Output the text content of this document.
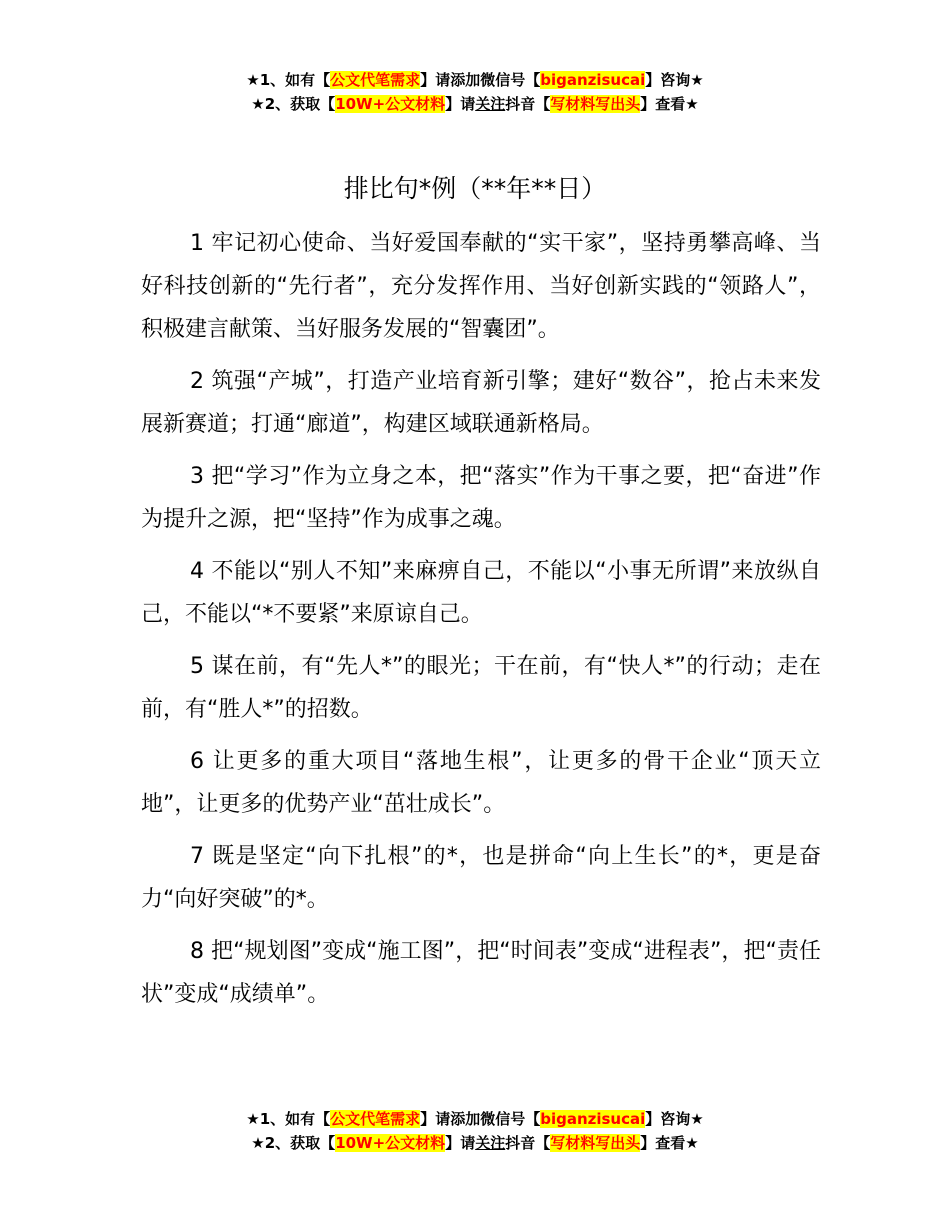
★1、如有【公文代笔需求】请添加微信号【biganzisucai】咨询★
★2、获取【10W+公文材料】请关注抖音【写材料写出头】查看★
排比句*例（**年**日）

1 牢记初心使命、当好爱国奉献的“实干家”，坚持勇攀高峰、当好科技创新的“先行者”，充分发挥作用、当好创新实践的“领路人”，积极建言献策、当好服务发展的“智囊团”。

2 筑强“产城”，打造产业培育新引擎；建好“数谷”，抢占未来发展新赛道；打通“廊道”，构建区域联通新格局。

3 把“学习”作为立身之本，把“落实”作为干事之要，把“奋进”作为提升之源，把“坚持”作为成事之魂。

4 不能以“别人不知”来麻痹自己，不能以“小事无所谓”来放纵自己，不能以“*不要紧”来原谅自己。

5 谋在前，有“先人*”的眼光；干在前，有“快人*”的行动；走在前，有“胜人*”的招数。

6 让更多的重大项目“落地生根”，让更多的骨干企业“顶天立地”，让更多的优势产业“茁壮成长”。

7 既是坚定“向下扎根”的*，也是拼命“向上生长”的*，更是奋力“向好突破”的*。

8 把“规划图”变成“施工图”，把“时间表”变成“进程表”，把“责任状”变成“成绩单”。

★1、如有【公文代笔需求】请添加微信号【biganzisucai】咨询★
★2、获取【10W+公文材料】请关注抖音【写材料写出头】查看★
